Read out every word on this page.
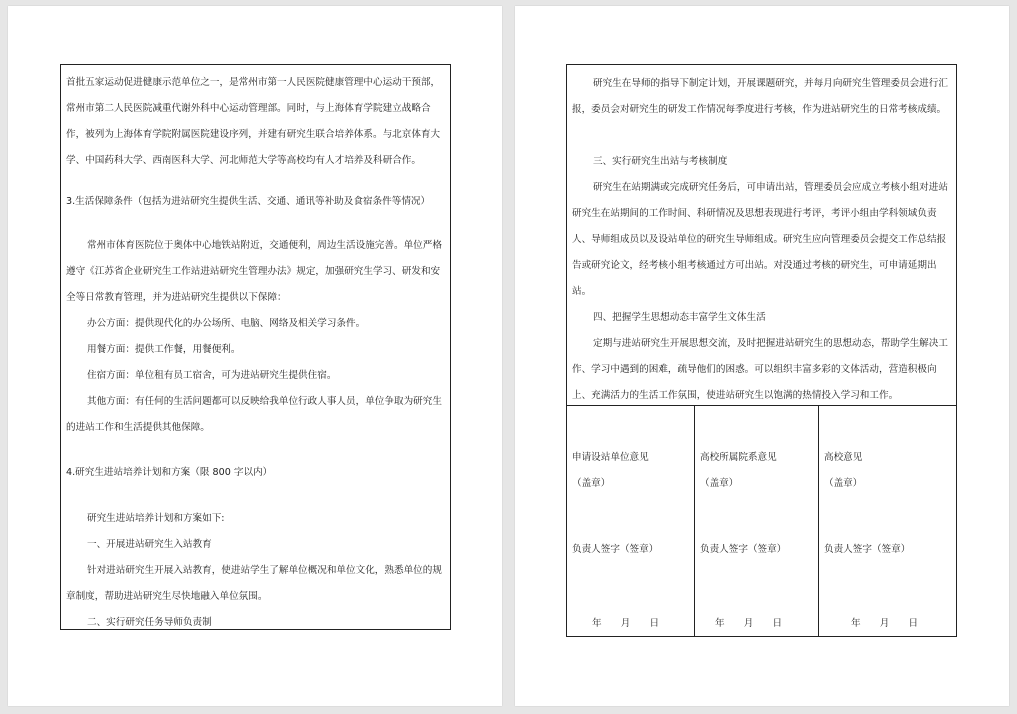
首批五家运动促进健康示范单位之一，是常州市第一人民医院健康管理中心运动干预部，常州市第二人民医院减重代谢外科中心运动管理部。同时，与上海体育学院建立战略合作，被列为上海体育学院附属医院建设序列，并建有研究生联合培养体系。与北京体育大学、中国药科大学、西南医科大学、河北师范大学等高校均有人才培养及科研合作。

3.生活保障条件（包括为进站研究生提供生活、交通、通讯等补助及食宿条件等情况）

常州市体育医院位于奥体中心地铁站附近，交通便利，周边生活设施完善。单位严格遵守《江苏省企业研究生工作站进站研究生管理办法》规定，加强研究生学习、研发和安全等日常教育管理，并为进站研究生提供以下保障：

办公方面：提供现代化的办公场所、电脑、网络及相关学习条件。

用餐方面：提供工作餐，用餐便利。

住宿方面：单位租有员工宿舍，可为进站研究生提供住宿。

其他方面：有任何的生活问题都可以反映给我单位行政人事人员，单位争取为研究生的进站工作和生活提供其他保障。

4.研究生进站培养计划和方案（限 800 字以内）

研究生进站培养计划和方案如下:

一、开展进站研究生入站教育

针对进站研究生开展入站教育，使进站学生了解单位概况和单位文化，熟悉单位的规章制度，帮助进站研究生尽快地融入单位氛围。

二、实行研究任务导师负责制

研究生在导师的指导下制定计划，开展课题研究，并每月向研究生管理委员会进行汇报，委员会对研究生的研发工作情况每季度进行考核，作为进站研究生的日常考核成绩。

三、实行研究生出站与考核制度

研究生在站期满或完成研究任务后，可申请出站，管理委员会应成立考核小组对进站研究生在站期间的工作时间、科研情况及思想表现进行考评，考评小组由学科领域负责人、导师组成员以及设站单位的研究生导师组成。研究生应向管理委员会提交工作总结报告或研究论文，经考核小组考核通过方可出站。对没通过考核的研究生，可申请延期出站。

四、把握学生思想动态丰富学生文体生活

定期与进站研究生开展思想交流，及时把握进站研究生的思想动态，帮助学生解决工作、学习中遇到的困难，疏导他们的困惑。可以组织丰富多彩的文体活动，营造积极向上、充满活力的生活工作氛围，使进站研究生以饱满的热情投入学习和工作。

申请设站单位意见
（盖章）
负责人签字（签章）
年　　月　　日
高校所属院系意见
（盖章）
负责人签字（签章）
年　　月　　日
高校意见
（盖章）
负责人签字（签章）
年　　月　　日
